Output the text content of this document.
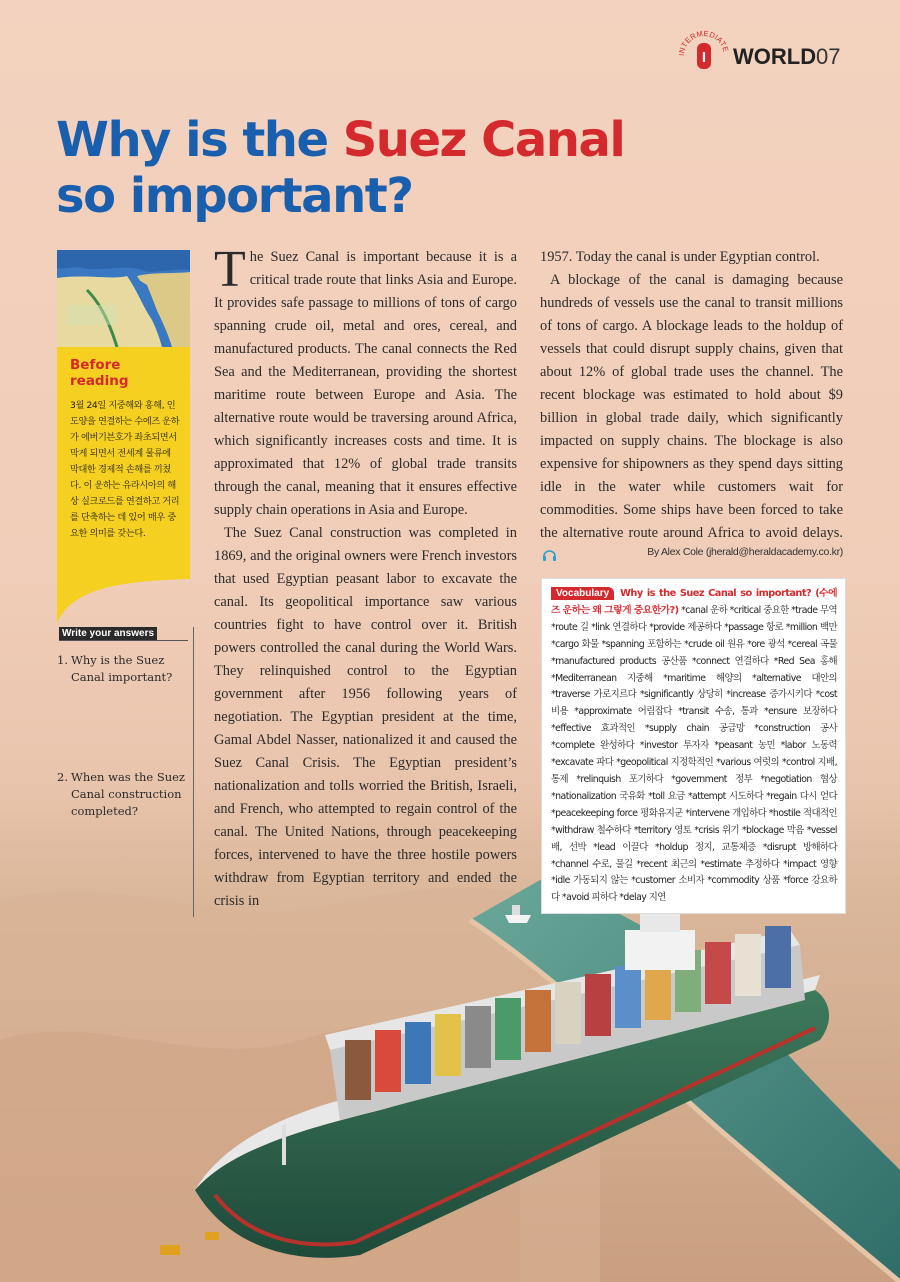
INTERMEDIATE
I WORLD 07
Why is the Suez Canal
so important?
Before reading
3월 24일 지중해와 홍해, 인도양을 연결하는 수에즈 운하가 에버기븐호가 좌초되면서 막게 되면서 전세계 물류에 막대한 경제적 손해를 끼쳤다. 이 운하는 유라시아의 해상 실크로드를 연결하고 거리를 단축하는 데 있어 매우 중요한 의미를 갖는다.
Write your answers
1. Why is the Suez Canal important?
2. When was the Suez Canal construction completed?

The Suez Canal is important because it is a critical trade route that links Asia and Europe. It provides safe passage to millions of tons of cargo spanning crude oil, metal and ores, cereal, and manufactured products. The canal connects the Red Sea and the Mediterranean, providing the shortest maritime route between Europe and Asia. The alternative route would be traversing around Africa, which significantly increases costs and time. It is approximated that 12% of global trade transits through the canal, meaning that it ensures effective supply chain operations in Asia and Europe.

The Suez Canal construction was completed in 1869, and the original owners were French investors that used Egyptian peasant labor to excavate the canal. Its geopolitical importance saw various countries fight to have control over it. British powers controlled the canal during the World Wars. They relinquished control to the Egyptian government after 1956 following years of negotiation. The Egyptian president at the time, Gamal Abdel Nasser, nationalized it and caused the Suez Canal Crisis. The Egyptian president’s nationalization and tolls worried the British, Israeli, and French, who attempted to regain control of the canal. The United Nations, through peacekeeping forces, intervened to have the three hostile powers withdraw from Egyptian territory and ended the crisis in

1957. Today the canal is under Egyptian control.

A blockage of the canal is damaging because hundreds of vessels use the canal to transit millions of tons of cargo. A blockage leads to the holdup of vessels that could disrupt supply chains, given that about 12% of global trade uses the channel. The recent blockage was estimated to hold about $9 billion in global trade daily, which significantly impacted on supply chains. The blockage is also expensive for shipowners as they spend days sitting idle in the water while customers wait for commodities. Some ships have been forced to take the alternative route around Africa to avoid delays.

By Alex Cole (jherald@heraldacademy.co.kr)
Vocabulary Why is the Suez Canal so important? (수에즈 운하는 왜 그렇게 중요한가?) *canal 운하 *critical 중요한 *trade 무역 *route 길 *link 연결하다 *provide 제공하다 *passage 항로 *million 백만 *cargo 화물 *spanning 포함하는 *crude oil 원유 *ore 광석 *cereal 곡물 *manufactured products 공산품 *connect 연결하다 *Red Sea 홍해 *Mediterranean 지중해 *maritime 해양의 *alternative 대안의 *traverse 가로지르다 *significantly 상당히 *increase 증가시키다 *cost 비용 *approximate 어림잡다 *transit 수송, 통과 *ensure 보장하다 *effective 효과적인 *supply chain 공급망 *construction 공사 *complete 완성하다 *investor 투자자 *peasant 농민 *labor 노동력 *excavate 파다 *geopolitical 지정학적인 *various 여럿의 *control 지배, 통제 *relinquish 포기하다 *government 정부 *negotiation 협상 *nationalization 국유화 *toll 요금 *attempt 시도하다 *regain 다시 얻다 *peacekeeping force 평화유지군 *intervene 개입하다 *hostile 적대적인 *withdraw 철수하다 *territory 영토 *crisis 위기 *blockage 막음 *vessel 배, 선박 *lead 이끌다 *holdup 정지, 교통체증 *disrupt 방해하다 *channel 수로, 물길 *recent 최근의 *estimate 추정하다 *impact 영향 *idle 가동되지 않는 *customer 소비자 *commodity 상품 *force 강요하다 *avoid 피하다 *delay 지연
